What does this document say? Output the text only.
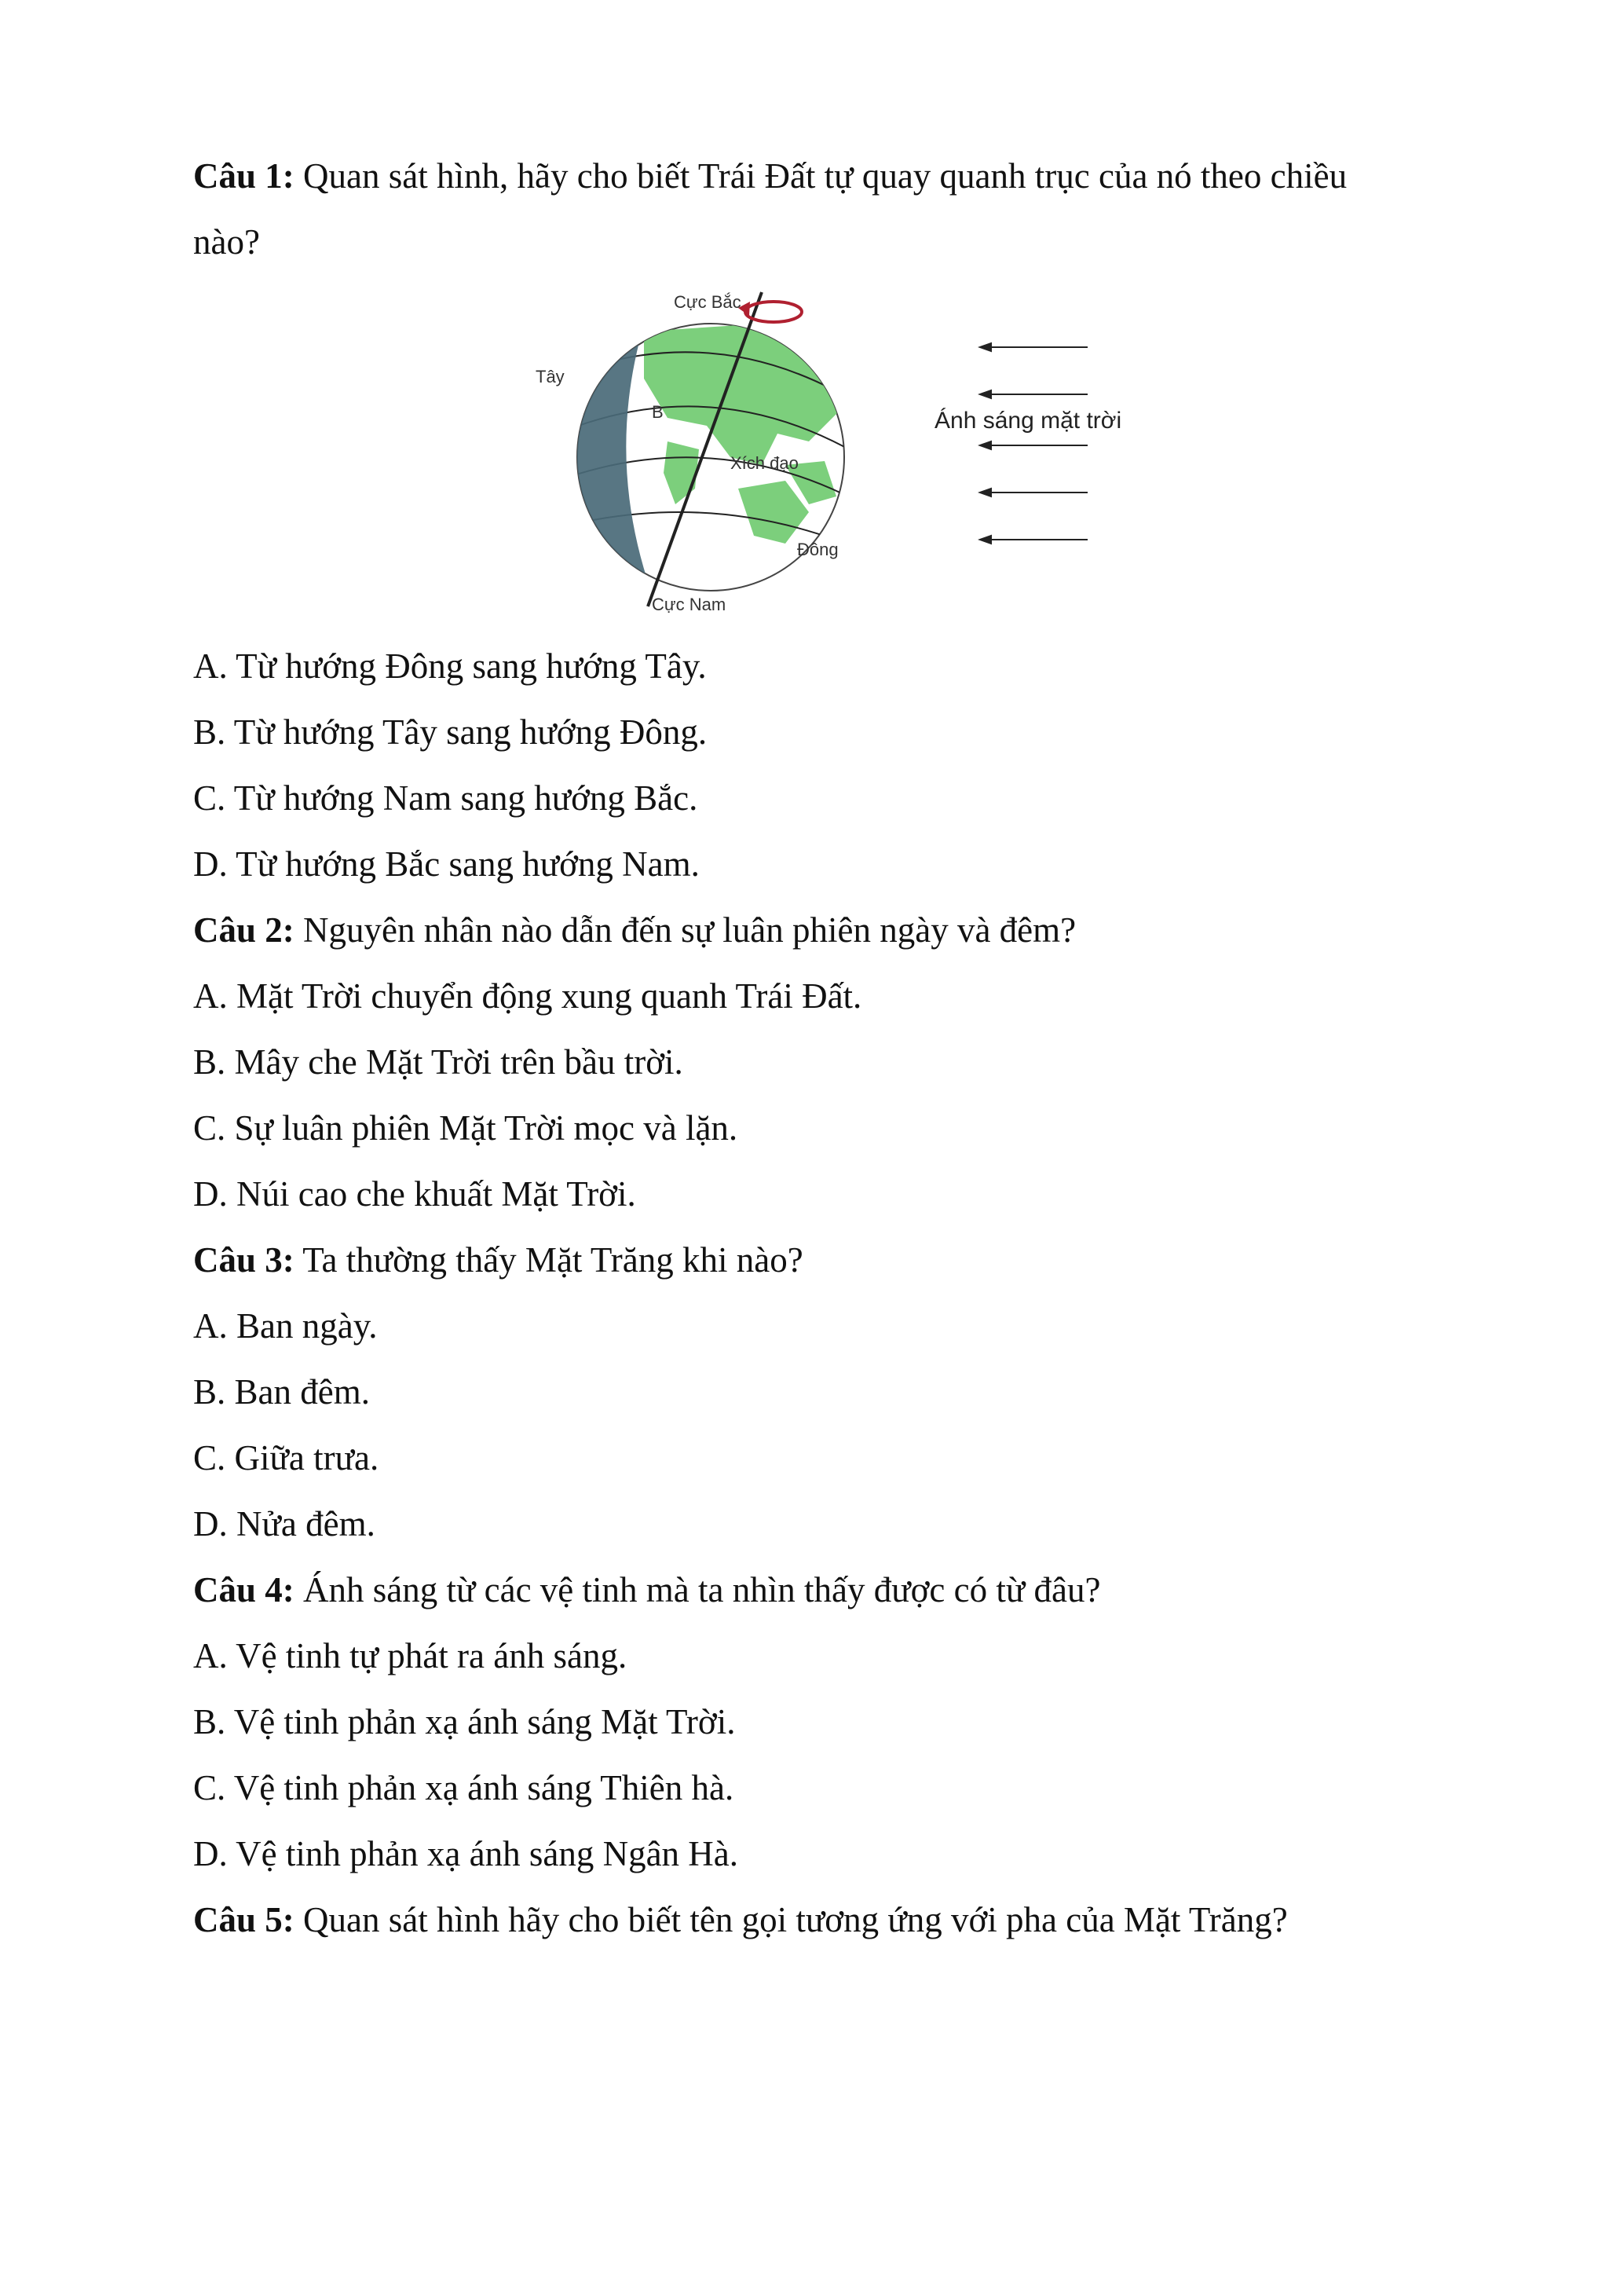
Câu 1: Quan sát hình, hãy cho biết Trái Đất tự quay quanh trục của nó theo chiều
nào?
Cực Bắc
Tây
B
Xích đạo
Đông
Cực Nam
Ánh sáng mặt trời
A. Từ hướng Đông sang hướng Tây.
B. Từ hướng Tây sang hướng Đông.
C. Từ hướng Nam sang hướng Bắc.
D. Từ hướng Bắc sang hướng Nam.
Câu 2: Nguyên nhân nào dẫn đến sự luân phiên ngày và đêm?
A. Mặt Trời chuyển động xung quanh Trái Đất.
B. Mây che Mặt Trời trên bầu trời.
C. Sự luân phiên Mặt Trời mọc và lặn.
D. Núi cao che khuất Mặt Trời.
Câu 3: Ta thường thấy Mặt Trăng khi nào?
A. Ban ngày.
B. Ban đêm.
C. Giữa trưa.
D. Nửa đêm.
Câu 4: Ánh sáng từ các vệ tinh mà ta nhìn thấy được có từ đâu?
A. Vệ tinh tự phát ra ánh sáng.
B. Vệ tinh phản xạ ánh sáng Mặt Trời.
C. Vệ tinh phản xạ ánh sáng Thiên hà.
D. Vệ tinh phản xạ ánh sáng Ngân Hà.
Câu 5: Quan sát hình hãy cho biết tên gọi tương ứng với pha của Mặt Trăng?
